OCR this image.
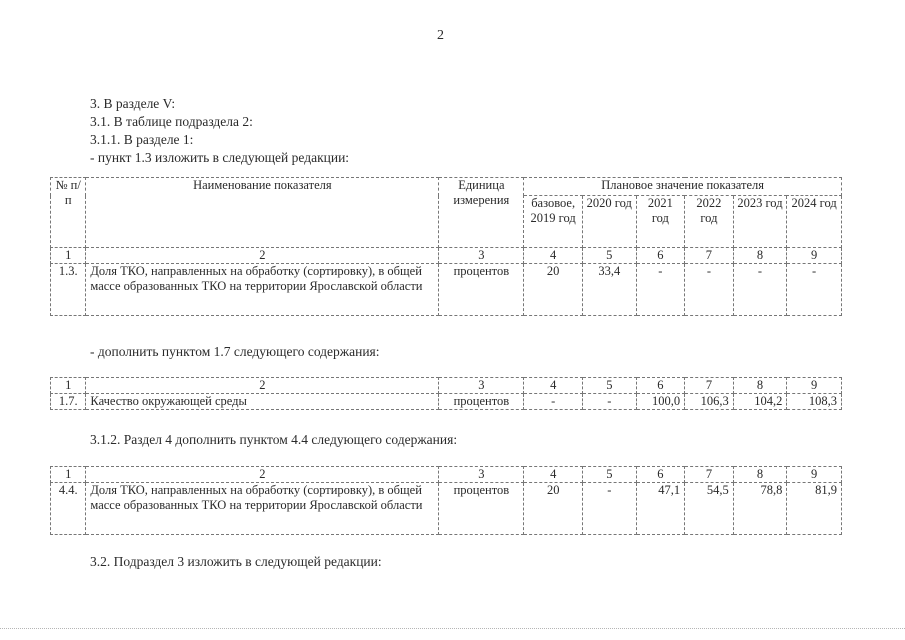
2
3. В разделе V:
3.1. В таблице подраздела 2:
3.1.1. В разделе 1:
- пункт 1.3 изложить в следующей редакции:
№ п/п	Наименование показателя	Единица измерения	Плановое значение показателя					
			базовое, 2019 год	2020 год	2021 год	2022 год	2023 год	2024 год
1	2	3	4	5	6	7	8	9
1.3.	Доля ТКО, направленных на обработку (сортировку), в общей массе образованных ТКО на территории Ярославской области	процентов	20	33,4	-	-	-	-
- дополнить пунктом 1.7 следующего содержания:
1	2	3	4	5	6	7	8	9
1.7.	Качество окружающей среды	процентов	-	-	100,0	106,3	104,2	108,3
3.1.2. Раздел 4 дополнить пунктом 4.4 следующего содержания:
1	2	3	4	5	6	7	8	9
4.4.	Доля ТКО, направленных на обработку (сортировку), в общей массе образованных ТКО на территории Ярославской области	процентов	20	-	47,1	54,5	78,8	81,9
3.2. Подраздел 3 изложить в следующей редакции:
